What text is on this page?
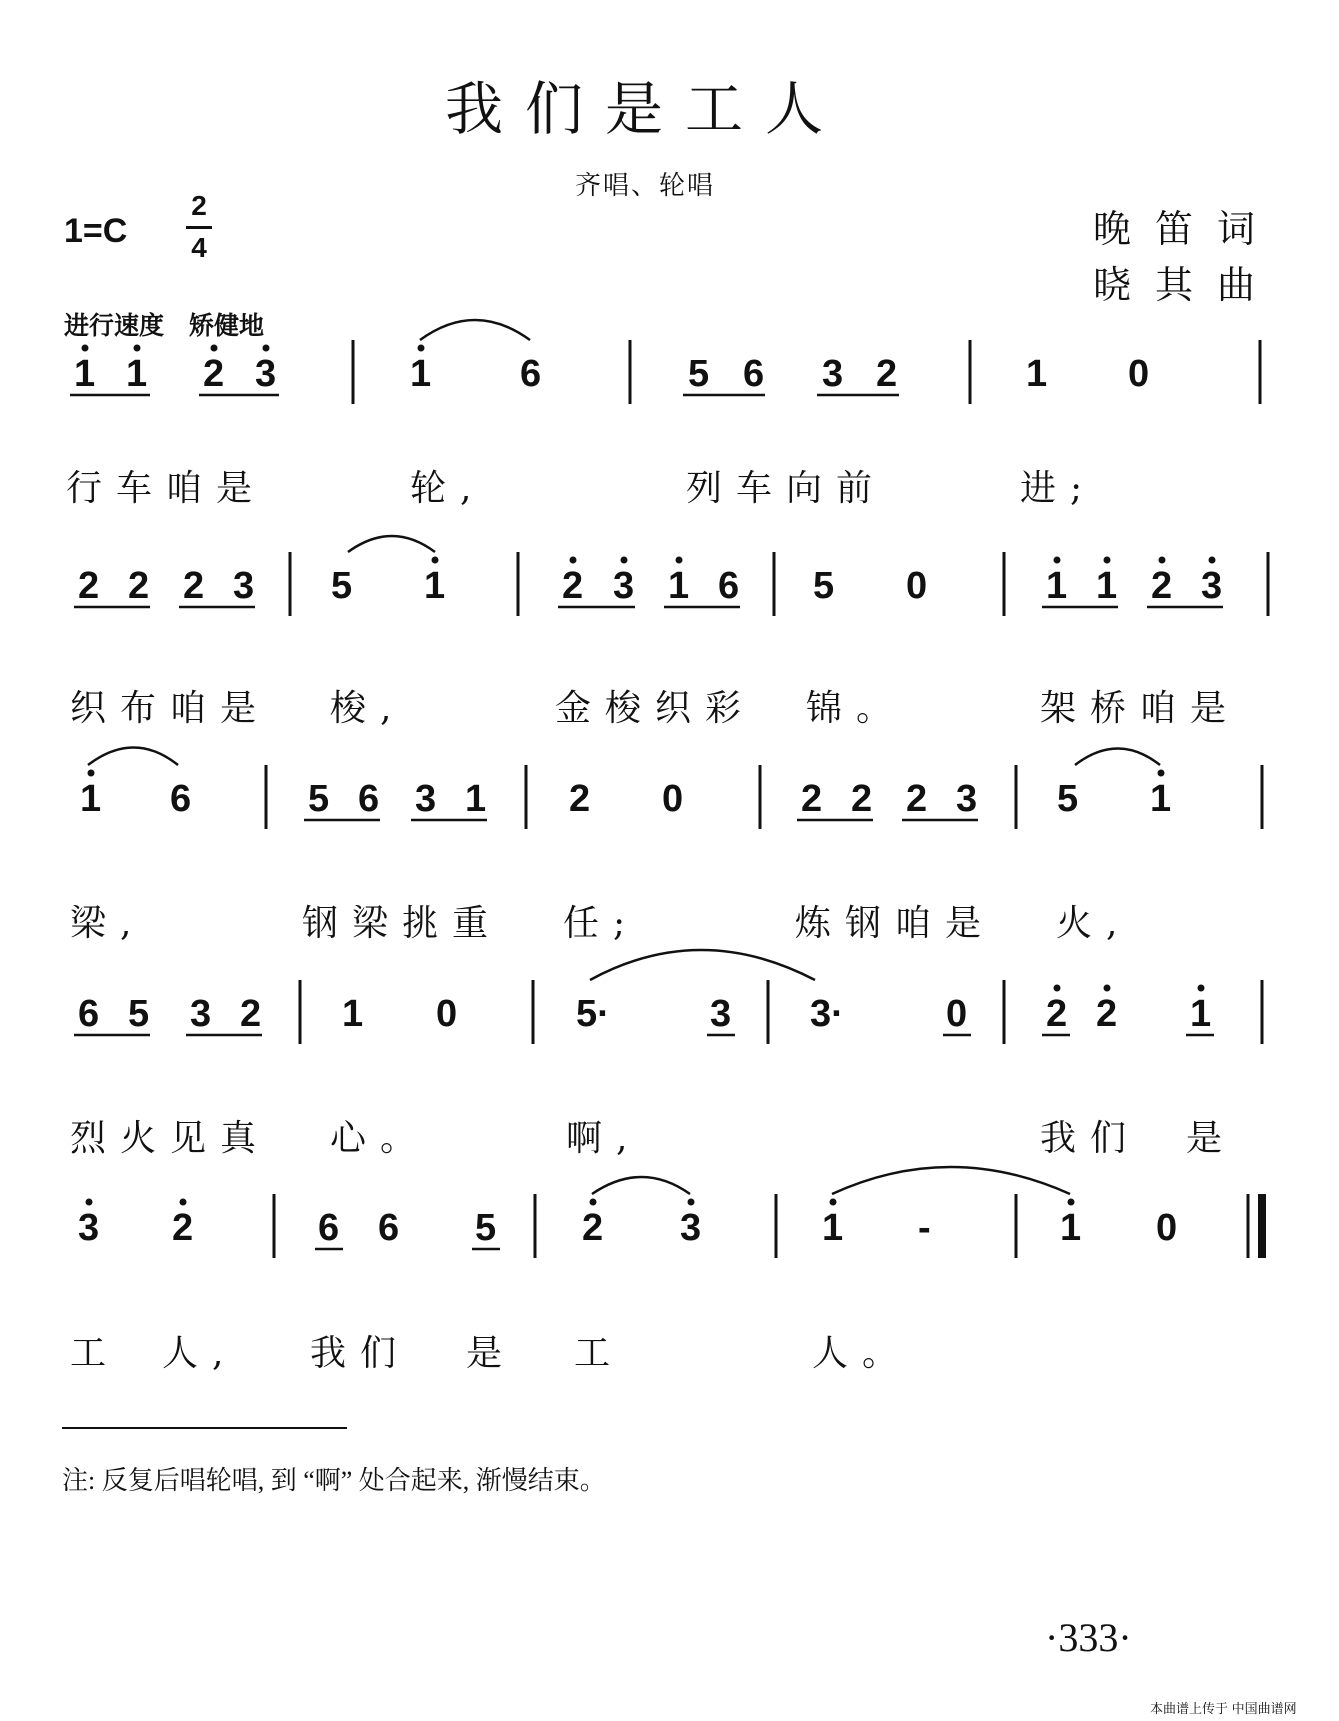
我们是工人
齐唱、轮唱
1=C
2
4	晚笛词
晓其曲
进行速度　矫健地
1 1 2 3	1 6	5 6 3 2	1 0
2 2 2 3 5 1	2 3 1 6 5 0	1 1 2 3
1 6	5 6 3 1 2 0	2 2 2 3 5 1
6 5 3 2 1 0	5·	3 3·	0 2 2 1
3 2	6 6 5 2 3	1 -	1 0
行车咱是	轮,	列车向前	进;
织布咱是 梭,	金梭织彩 锦。	架桥咱是
梁,	钢梁挑重 任;	炼钢咱是 火,
烈火见真 心。	啊,	我们 是
工 人, 我们 是 工	人。
注: 反复后唱轮唱, 到 “啊” 处合起来, 渐慢结束。
·333·
本曲谱上传于 中国曲谱网
